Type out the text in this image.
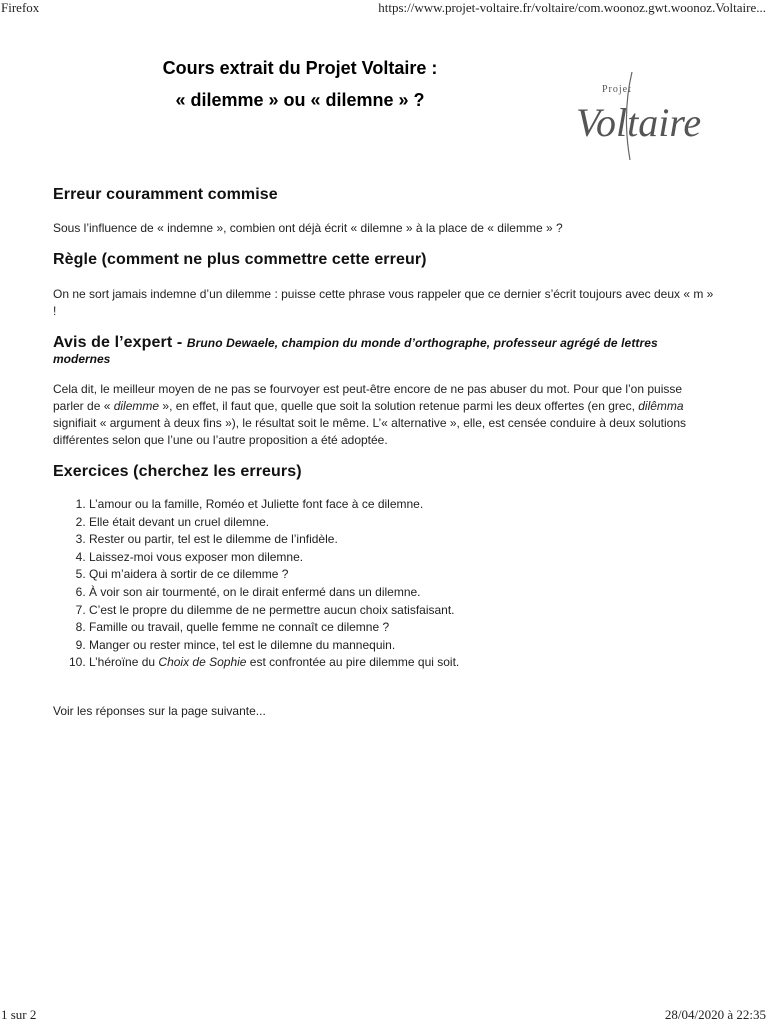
Firefox	https://www.projet-voltaire.fr/voltaire/com.woonoz.gwt.woonoz.Voltaire...
Cours extrait du Projet Voltaire :
« dilemme » ou « dilemne » ?
Projet
Voltaire
Erreur couramment commise

Sous l’influence de « indemne », combien ont déjà écrit « dilemne » à la place de « dilemme » ?

Règle (comment ne plus commettre cette erreur)

On ne sort jamais indemne d’un dilemme : puisse cette phrase vous rappeler que ce dernier s’écrit toujours avec deux « m » !

Avis de l’expert - Bruno Dewaele, champion du monde d’orthographe, professeur agrégé de lettres
modernes

Cela dit, le meilleur moyen de ne pas se fourvoyer est peut-être encore de ne pas abuser du mot. Pour que l’on puisse parler de « dilemme », en effet, il faut que, quelle que soit la solution retenue parmi les deux offertes (en grec, dilêmma signifiait « argument à deux fins »), le résultat soit le même. L’« alternative », elle, est censée conduire à deux solutions différentes selon que l’une ou l’autre proposition a été adoptée.

Exercices (cherchez les erreurs)
1. L’amour ou la famille, Roméo et Juliette font face à ce dilemne.
2. Elle était devant un cruel dilemne.
3. Rester ou partir, tel est le dilemme de l’infidèle.
4. Laissez-moi vous exposer mon dilemne.
5. Qui m’aidera à sortir de ce dilemme ?
6. À voir son air tourmenté, on le dirait enfermé dans un dilemne.
7. C’est le propre du dilemme de ne permettre aucun choix satisfaisant.
8. Famille ou travail, quelle femme ne connaît ce dilemne ?
9. Manger ou rester mince, tel est le dilemne du mannequin.
10. L’héroïne du Choix de Sophie est confrontée au pire dilemme qui soit.
Voir les réponses sur la page suivante...
1 sur 2	28/04/2020 à 22:35
